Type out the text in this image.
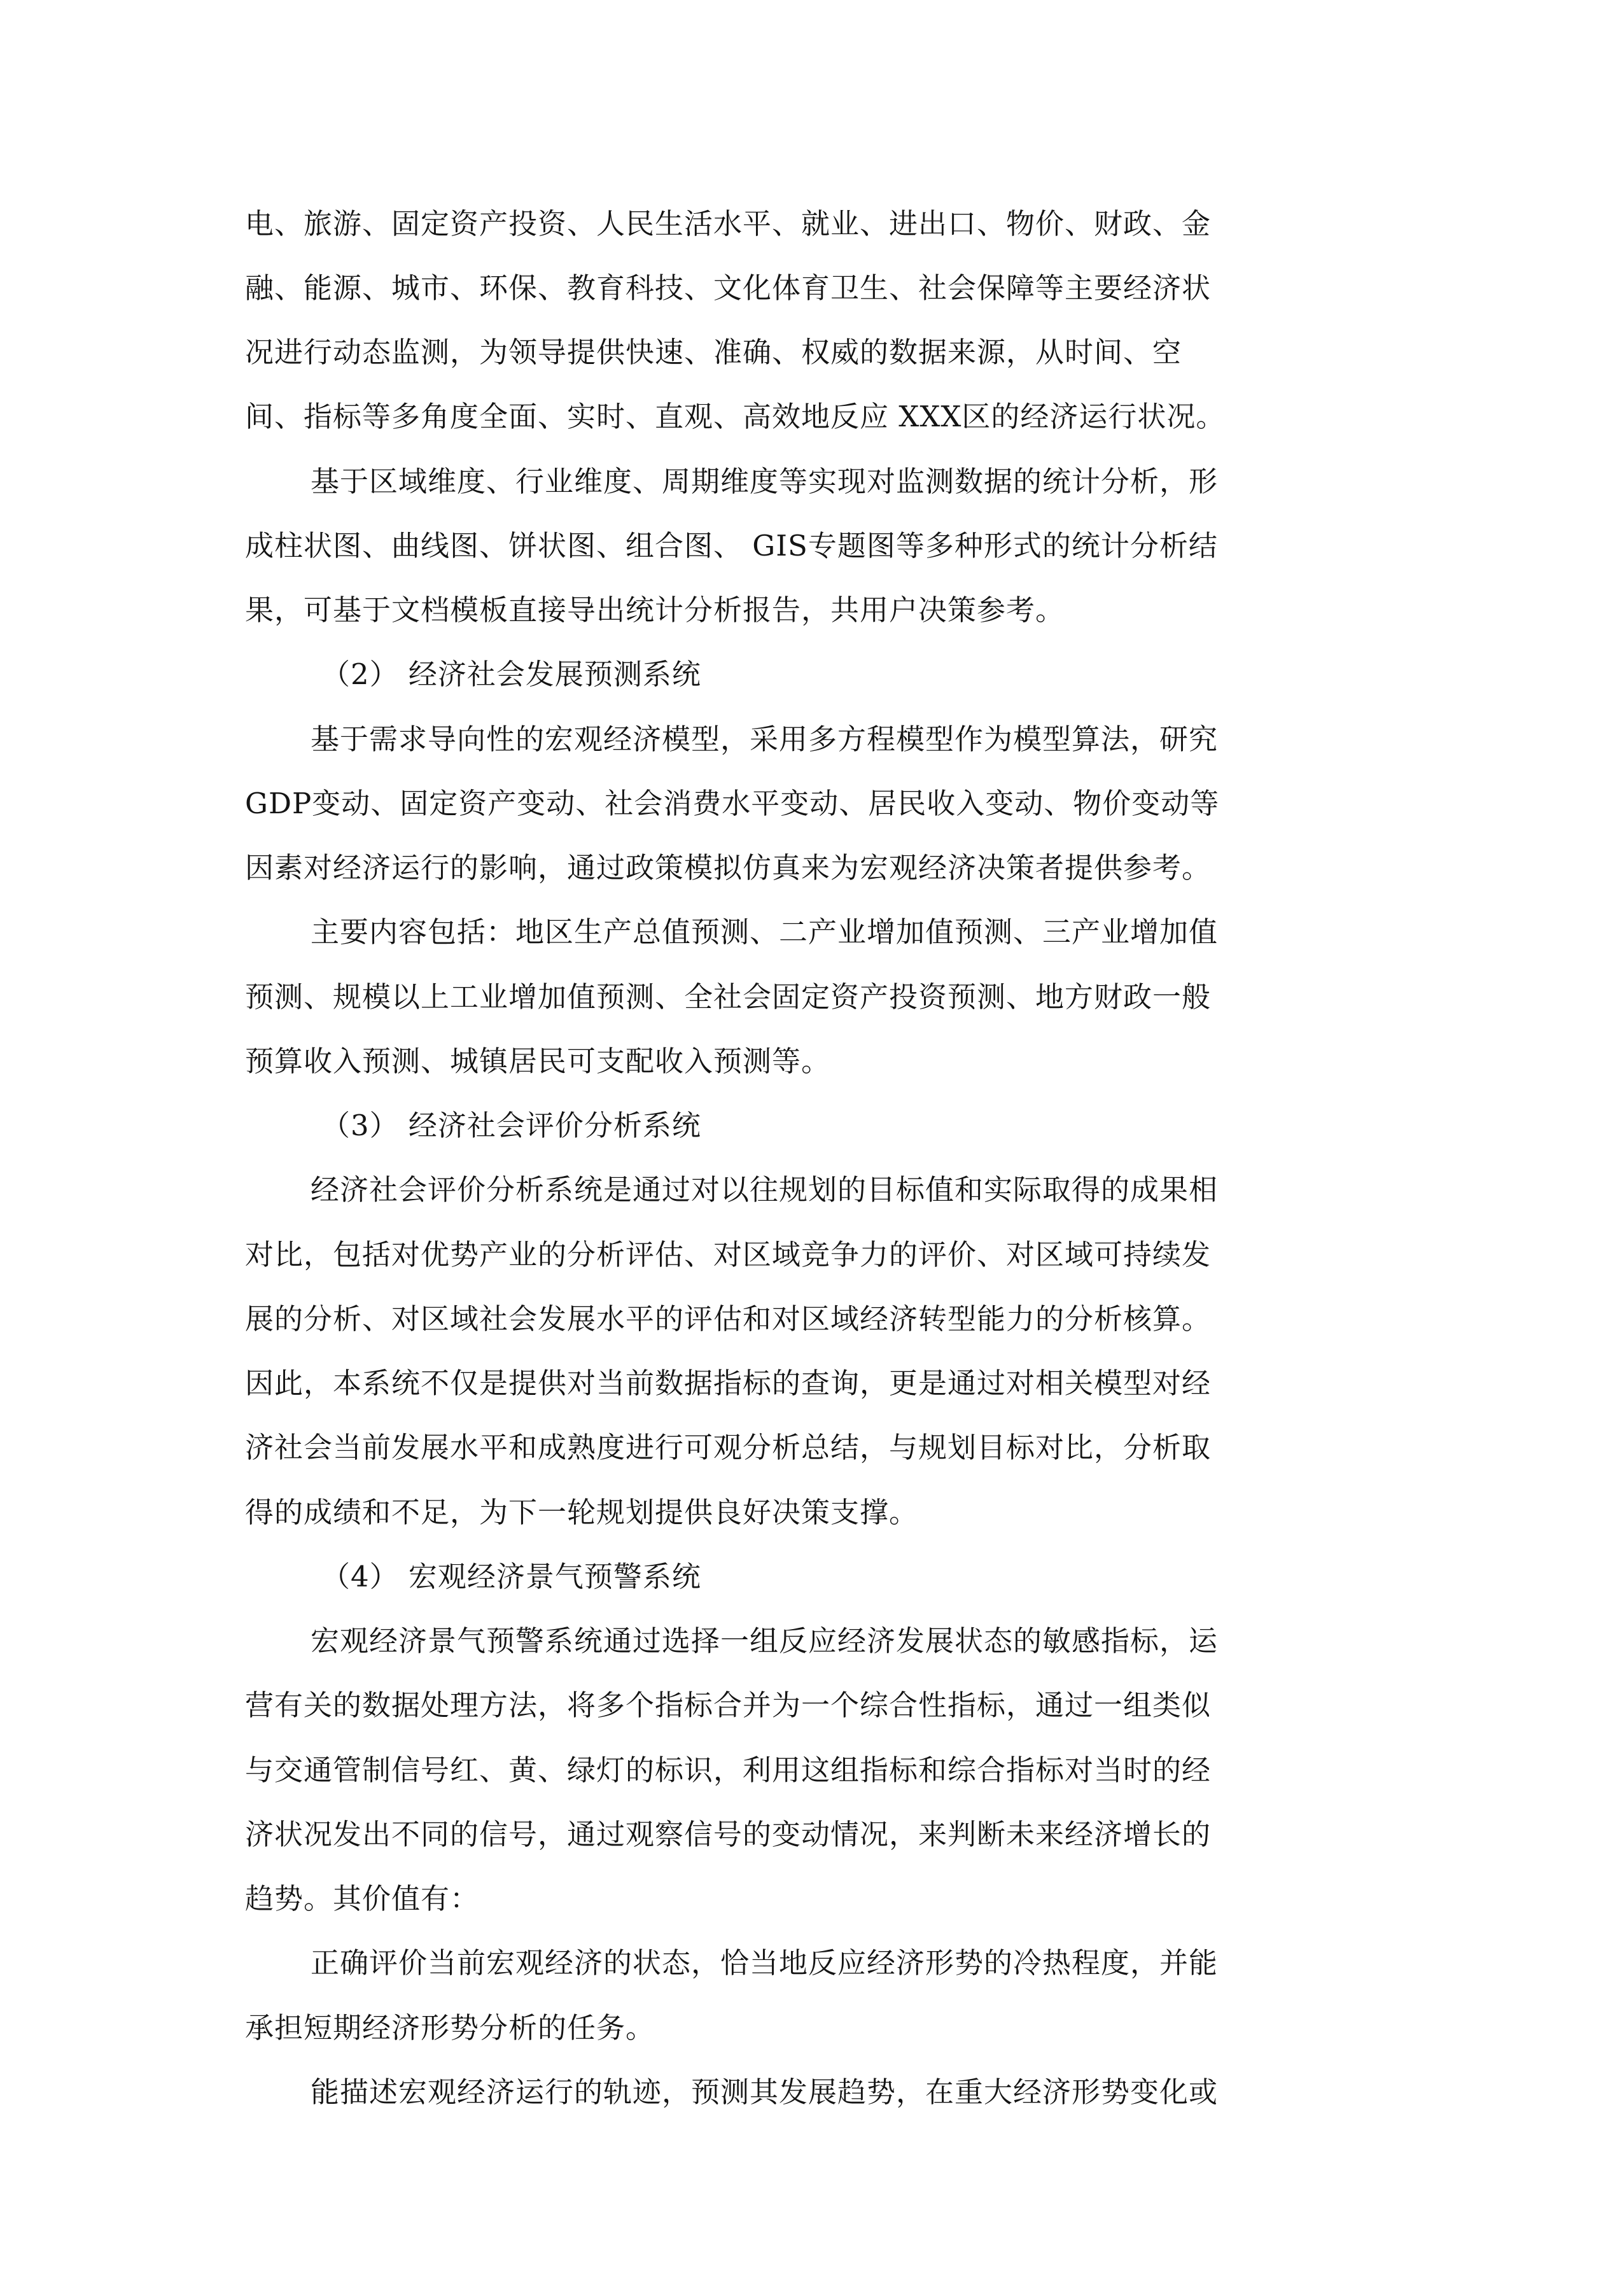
电、旅游、固定资产投资、人民生活水平、就业、进出口、物价、财政、金
融、能源、城市、环保、教育科技、文化体育卫生、社会保障等主要经济状
况进行动态监测，为领导提供快速、准确、权威的数据来源，从时间、空
间、指标等多角度全面、实时、直观、高效地反应 XXX区的经济运行状况。
基于区域维度、行业维度、周期维度等实现对监测数据的统计分析，形
成柱状图、曲线图、饼状图、组合图、 GIS专题图等多种形式的统计分析结
果，可基于文档模板直接导出统计分析报告，共用户决策参考。
（2） 经济社会发展预测系统
基于需求导向性的宏观经济模型，采用多方程模型作为模型算法，研究
GDP变动、固定资产变动、社会消费水平变动、居民收入变动、物价变动等
因素对经济运行的影响，通过政策模拟仿真来为宏观经济决策者提供参考。
主要内容包括：地区生产总值预测、二产业增加值预测、三产业增加值
预测、规模以上工业增加值预测、全社会固定资产投资预测、地方财政一般
预算收入预测、城镇居民可支配收入预测等。
（3） 经济社会评价分析系统
经济社会评价分析系统是通过对以往规划的目标值和实际取得的成果相
对比，包括对优势产业的分析评估、对区域竞争力的评价、对区域可持续发
展的分析、对区域社会发展水平的评估和对区域经济转型能力的分析核算。
因此，本系统不仅是提供对当前数据指标的查询，更是通过对相关模型对经
济社会当前发展水平和成熟度进行可观分析总结，与规划目标对比，分析取
得的成绩和不足，为下一轮规划提供良好决策支撑。
（4） 宏观经济景气预警系统
宏观经济景气预警系统通过选择一组反应经济发展状态的敏感指标，运
营有关的数据处理方法，将多个指标合并为一个综合性指标，通过一组类似
与交通管制信号红、黄、绿灯的标识，利用这组指标和综合指标对当时的经
济状况发出不同的信号，通过观察信号的变动情况，来判断未来经济增长的
趋势。其价值有：
正确评价当前宏观经济的状态，恰当地反应经济形势的冷热程度，并能
承担短期经济形势分析的任务。
能描述宏观经济运行的轨迹，预测其发展趋势，在重大经济形势变化或
